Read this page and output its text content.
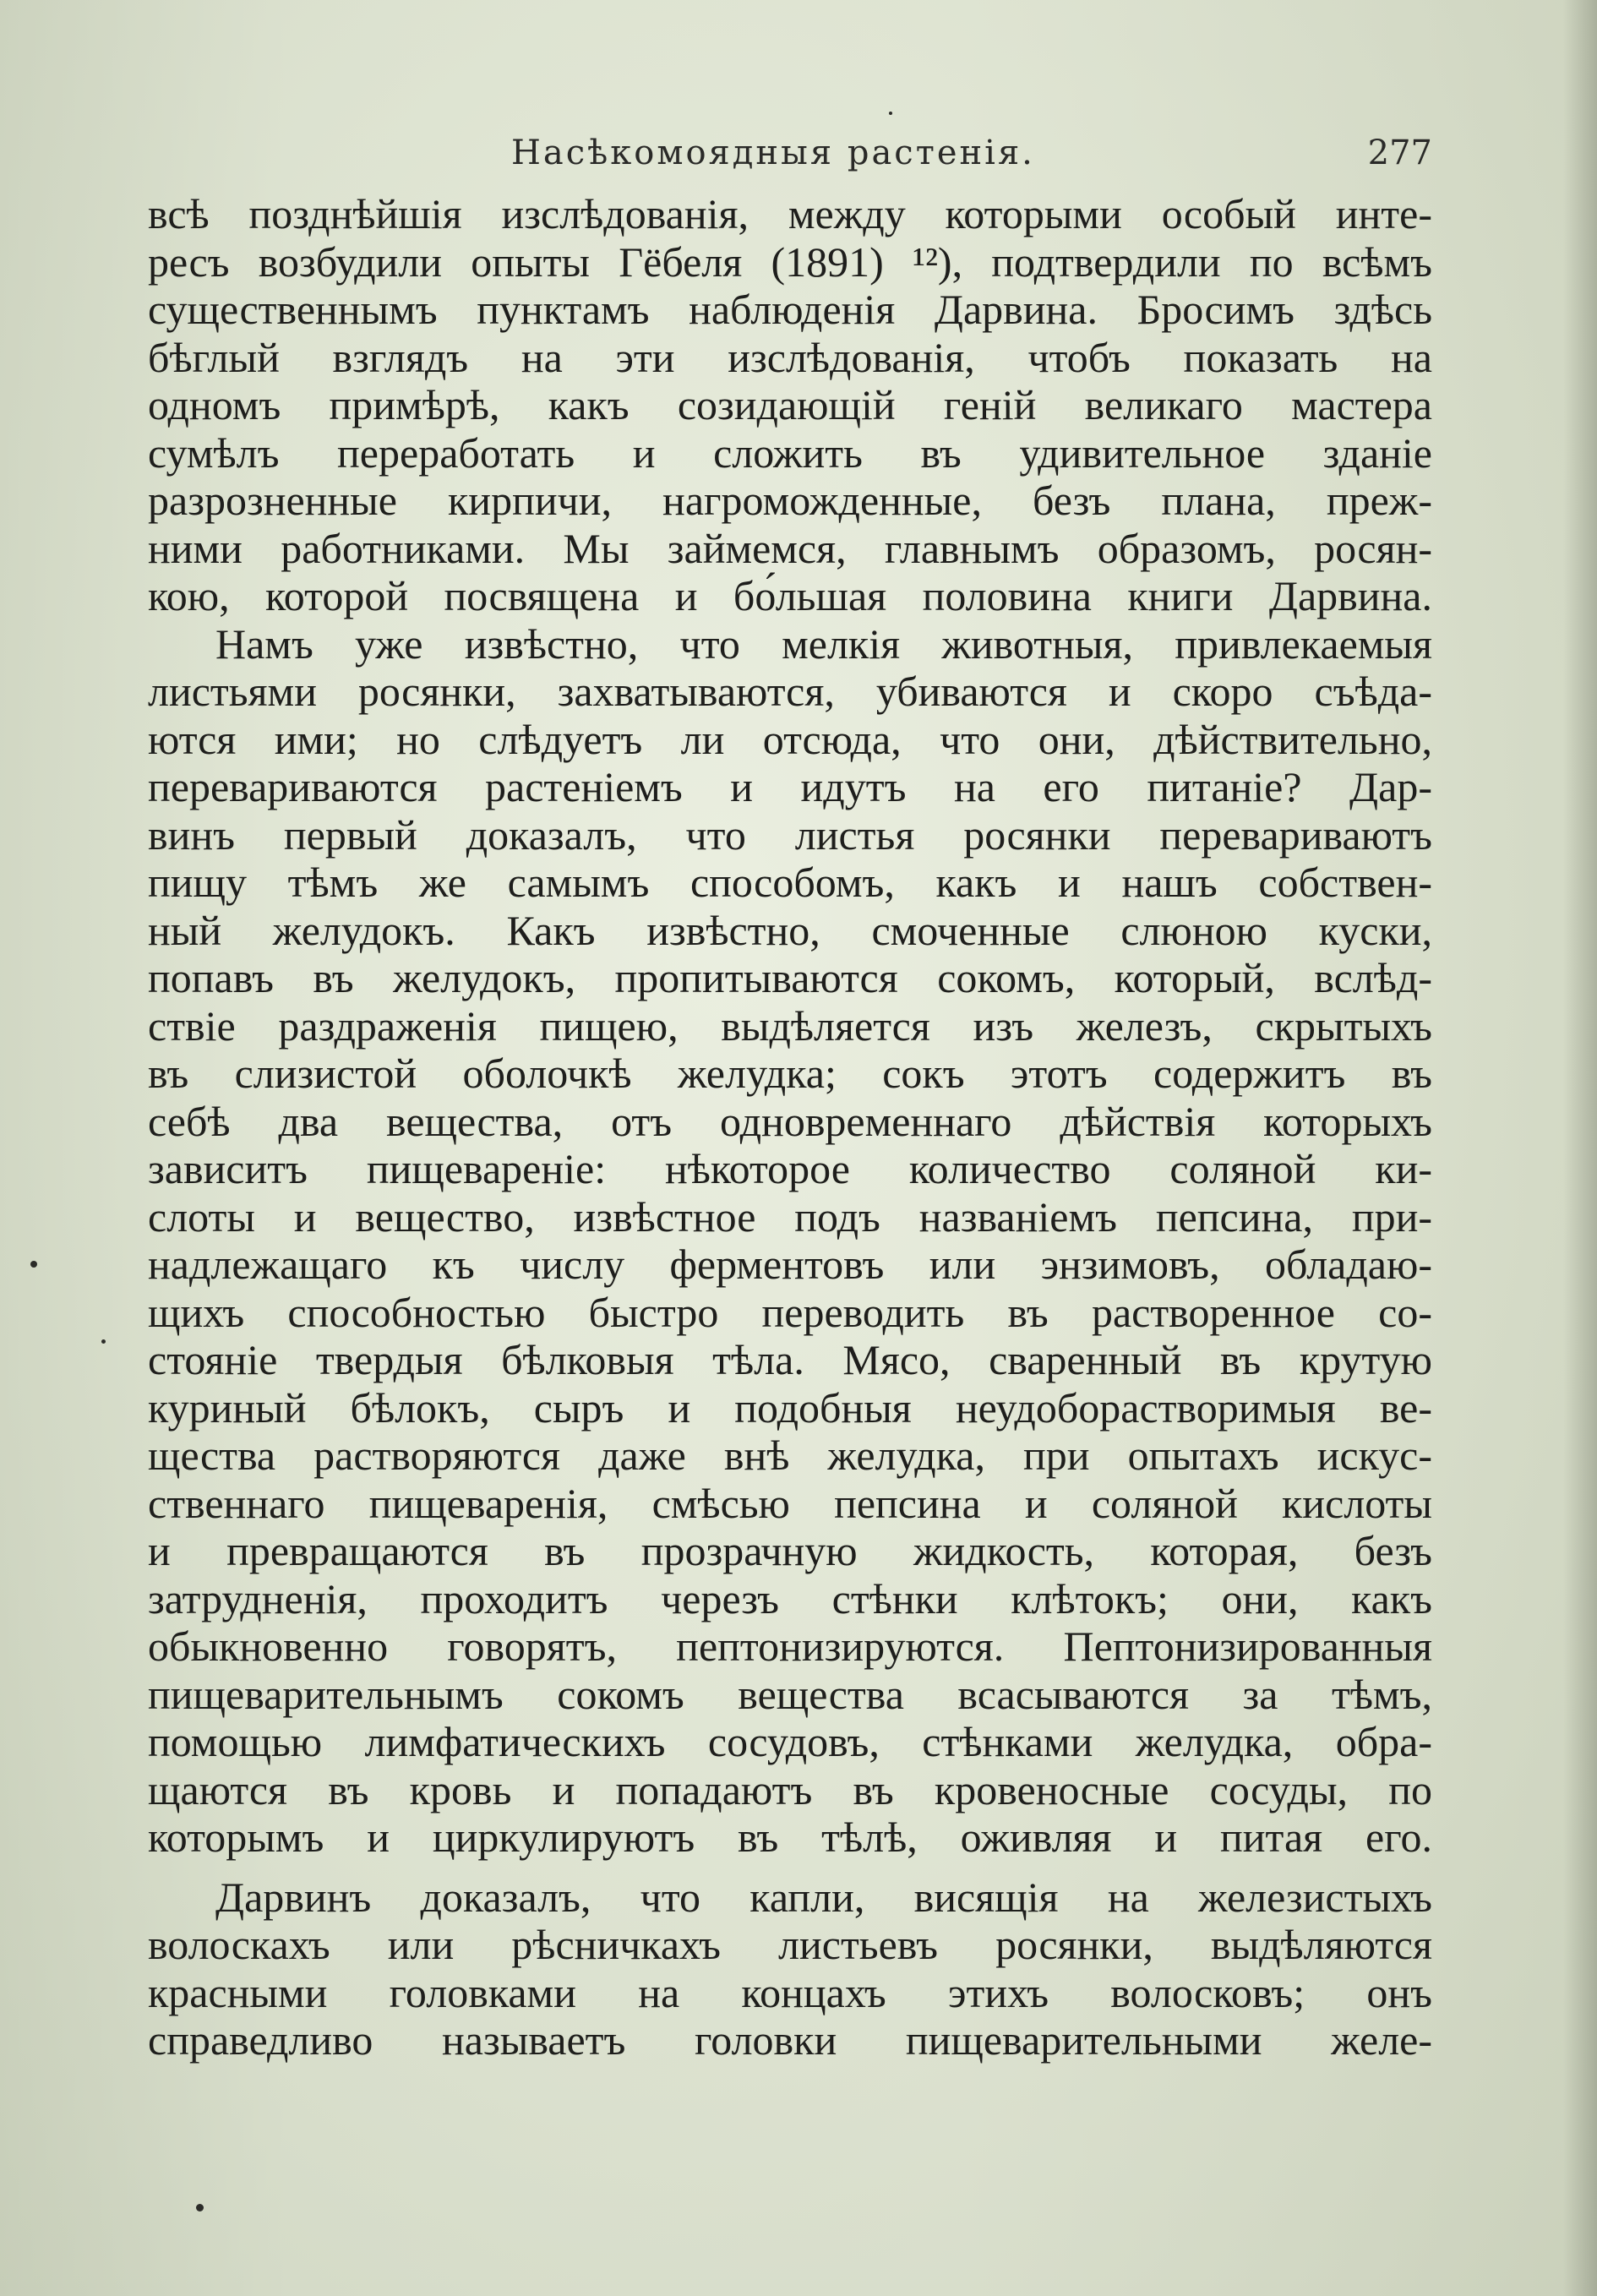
Насѣкомоядныя растенія.	277
всѣ позднѣйшія изслѣдованія, между которыми особый инте-
ресъ возбудили опыты Гёбеля (1891) ¹²), подтвердили по всѣмъ
существеннымъ пунктамъ наблюденія Дарвина. Бросимъ здѣсь
бѣглый взглядъ на эти изслѣдованія, чтобъ показать на
одномъ примѣрѣ, какъ созидающій геній великаго мастера
сумѣлъ переработать и сложить въ удивительное зданіе
разрозненные кирпичи, нагроможденные, безъ плана, преж-
ними работниками. Мы займемся, главнымъ образомъ, росян-
кою, которой посвящена и бо́льшая половина книги Дарвина.
Намъ уже извѣстно, что мелкія животныя, привлекаемыя
листьями росянки, захватываются, убиваются и скоро съѣда-
ются ими; но слѣдуетъ ли отсюда, что они, дѣйствительно,
перевариваются растеніемъ и идутъ на его питаніе? Дар-
винъ первый доказалъ, что листья росянки перевариваютъ
пищу тѣмъ же самымъ способомъ, какъ и нашъ собствен-
ный желудокъ. Какъ извѣстно, смоченные слюною куски,
попавъ въ желудокъ, пропитываются сокомъ, который, вслѣд-
ствіе раздраженія пищею, выдѣляется изъ железъ, скрытыхъ
въ слизистой оболочкѣ желудка; сокъ этотъ содержитъ въ
себѣ два вещества, отъ одновременнаго дѣйствія которыхъ
зависитъ пищевареніе: нѣкоторое количество соляной ки-
слоты и вещество, извѣстное подъ названіемъ пепсина, при-
надлежащаго къ числу ферментовъ или энзимовъ, обладаю-
щихъ способностью быстро переводить въ растворенное со-
стояніе твердыя бѣлковыя тѣла. Мясо, сваренный въ крутую
куриный бѣлокъ, сыръ и подобныя неудоборастворимыя ве-
щества растворяются даже внѣ желудка, при опытахъ искус-
ственнаго пищеваренія, смѣсью пепсина и соляной кислоты
и превращаются въ прозрачную жидкость, которая, безъ
затрудненія, проходитъ черезъ стѣнки клѣтокъ; они, какъ
обыкновенно говорятъ, пептонизируются. Пептонизированныя
пищеварительнымъ сокомъ вещества всасываются за тѣмъ,
помощью лимфатическихъ сосудовъ, стѣнками желудка, обра-
щаются въ кровь и попадаютъ въ кровеносные сосуды, по
которымъ и циркулируютъ въ тѣлѣ, оживляя и питая его.
Дарвинъ доказалъ, что капли, висящія на железистыхъ
волоскахъ или рѣсничкахъ листьевъ росянки, выдѣляются
красными головками на концахъ этихъ волосковъ; онъ
справедливо называетъ головки пищеварительными желе-
